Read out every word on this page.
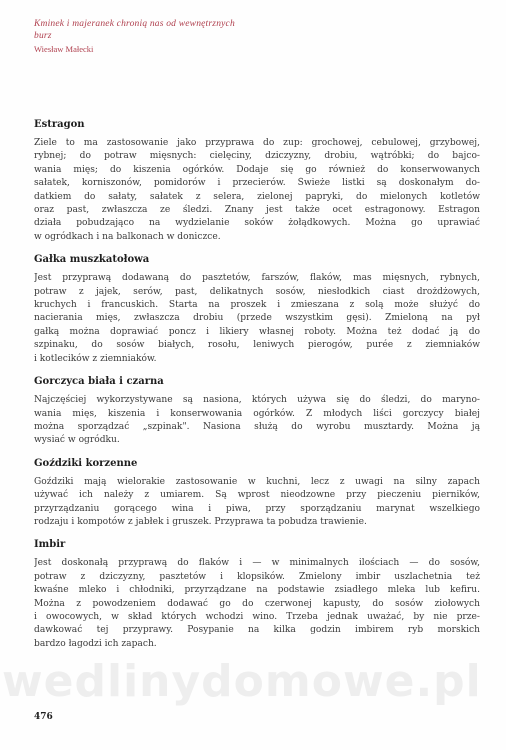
Kminek i majeranek chronią nas od wewnętrznych
burz
Wiesław Małecki
Estragon

Ziele to ma zastosowanie jako przyprawa do zup: grochowej, cebulowej, grzybowej,
rybnej; do potraw mięsnych: cielęciny, dziczyzny, drobiu, wątróbki; do bajco-
wania mięs; do kiszenia ogórków. Dodaje się go również do konserwowanych
sałatek, korniszonów, pomidorów i przecierów. Świeże listki są doskonałym do-
datkiem do sałaty, sałatek z selera, zielonej papryki, do mielonych kotletów
oraz past, zwłaszcza ze śledzi. Znany jest także ocet estragonowy. Estragon
działa pobudzająco na wydzielanie soków żołądkowych. Można go uprawiać
w ogródkach i na balkonach w doniczce.

Gałka muszkatołowa

Jest przyprawą dodawaną do pasztetów, farszów, flaków, mas mięsnych, rybnych,
potraw z jajek, serów, past, delikatnych sosów, niesłodkich ciast drożdżowych,
kruchych i francuskich. Starta na proszek i zmieszana z solą może służyć do
nacierania mięs, zwłaszcza drobiu (przede wszystkim gęsi). Zmieloną na pył
gałką można doprawiać poncz i likiery własnej roboty. Można też dodać ją do
szpinaku, do sosów białych, rosołu, leniwych pierogów, purée z ziemniaków
i kotlecików z ziemniaków.

Gorczyca biała i czarna

Najczęściej wykorzystywane są nasiona, których używa się do śledzi, do maryno-
wania mięs, kiszenia i konserwowania ogórków. Z młodych liści gorczycy białej
można sporządzać „szpinak". Nasiona służą do wyrobu musztardy. Można ją
wysiać w ogródku.

Goździki korzenne

Goździki mają wielorakie zastosowanie w kuchni, lecz z uwagi na silny zapach
używać ich należy z umiarem. Są wprost nieodzowne przy pieczeniu pierników,
przyrządzaniu gorącego wina i piwa, przy sporządzaniu marynat wszelkiego
rodzaju i kompotów z jabłek i gruszek. Przyprawa ta pobudza trawienie.

Imbir

Jest doskonałą przyprawą do flaków i — w minimalnych ilościach — do sosów,
potraw z dziczyzny, pasztetów i klopsików. Zmielony imbir uszlachetnia też
kwaśne mleko i chłodniki, przyrządzane na podstawie zsiadłego mleka lub kefiru.
Można z powodzeniem dodawać go do czerwonej kapusty, do sosów ziołowych
i owocowych, w skład których wchodzi wino. Trzeba jednak uważać, by nie prze-
dawkować tej przyprawy. Posypanie na kilka godzin imbirem ryb morskich
bardzo łagodzi ich zapach.

wedlinydomowe.pl
476
